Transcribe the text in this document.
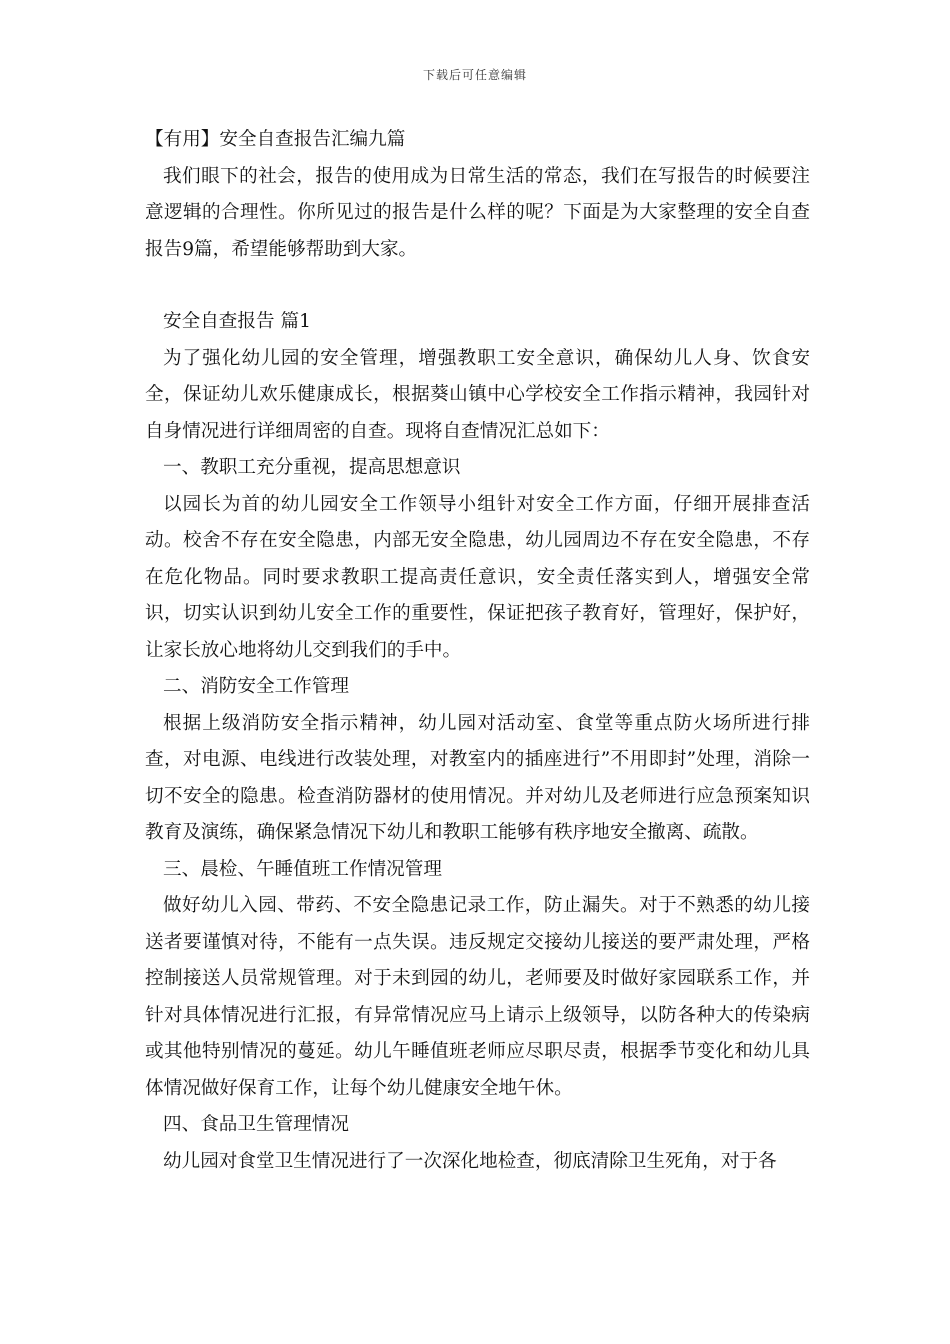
下载后可任意编辑

【有用】安全自查报告汇编九篇

我们眼下的社会，报告的使用成为日常生活的常态，我们在写报告的时候要注意逻辑的合理性。你所见过的报告是什么样的呢？下面是为大家整理的安全自查报告9篇，希望能够帮助到大家。

安全自查报告 篇1

为了强化幼儿园的安全管理，增强教职工安全意识，确保幼儿人身、饮食安全，保证幼儿欢乐健康成长，根据葵山镇中心学校安全工作指示精神，我园针对自身情况进行详细周密的自查。现将自查情况汇总如下：

一、教职工充分重视，提高思想意识

以园长为首的幼儿园安全工作领导小组针对安全工作方面，仔细开展排查活动。校舍不存在安全隐患，内部无安全隐患，幼儿园周边不存在安全隐患，不存在危化物品。同时要求教职工提高责任意识，安全责任落实到人，增强安全常识，切实认识到幼儿安全工作的重要性，保证把孩子教育好，管理好，保护好，让家长放心地将幼儿交到我们的手中。

二、消防安全工作管理

根据上级消防安全指示精神，幼儿园对活动室、食堂等重点防火场所进行排查，对电源、电线进行改装处理，对教室内的插座进行”不用即封”处理，消除一切不安全的隐患。检查消防器材的使用情况。并对幼儿及老师进行应急预案知识教育及演练，确保紧急情况下幼儿和教职工能够有秩序地安全撤离、疏散。

三、晨检、午睡值班工作情况管理

做好幼儿入园、带药、不安全隐患记录工作，防止漏失。对于不熟悉的幼儿接送者要谨慎对待，不能有一点失误。违反规定交接幼儿接送的要严肃处理，严格控制接送人员常规管理。对于未到园的幼儿，老师要及时做好家园联系工作，并针对具体情况进行汇报，有异常情况应马上请示上级领导，以防各种大的传染病或其他特别情况的蔓延。幼儿午睡值班老师应尽职尽责，根据季节变化和幼儿具体情况做好保育工作，让每个幼儿健康安全地午休。

四、食品卫生管理情况

幼儿园对食堂卫生情况进行了一次深化地检查，彻底清除卫生死角，对于各
